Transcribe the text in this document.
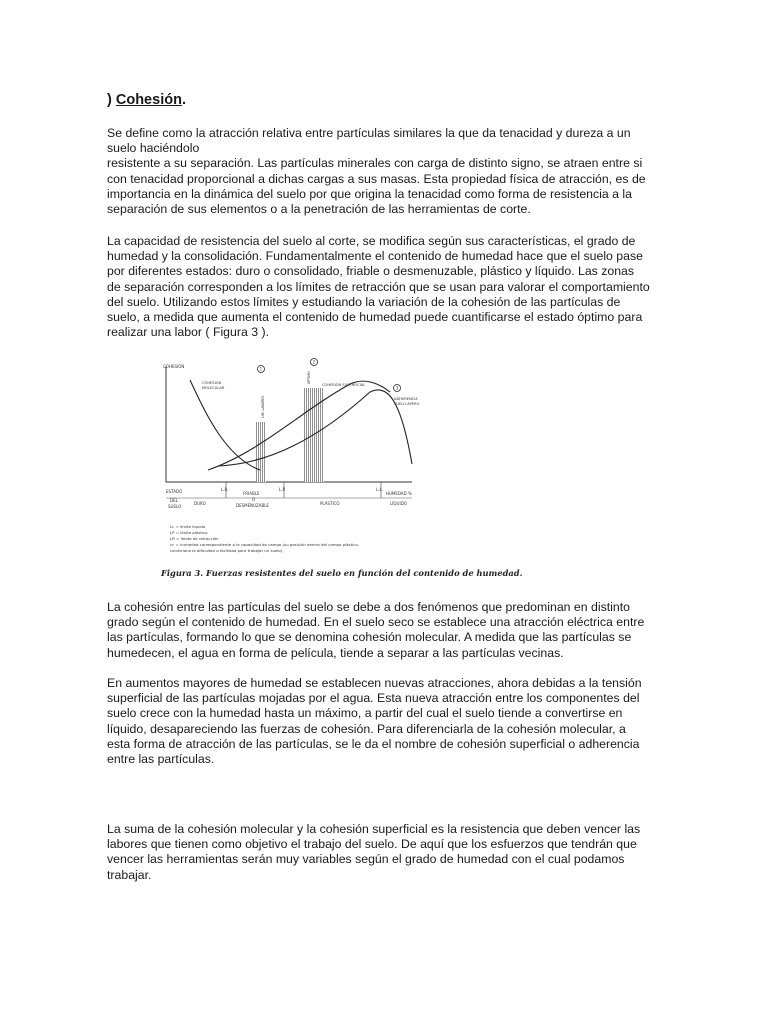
) Cohesión.

Se define como la atracción relativa entre partículas similares la que da tenacidad y dureza a un
suelo haciéndolo
resistente a su separación. Las partículas minerales con carga de distinto signo, se atraen entre si
con tenacidad proporcional a dichas cargas a sus masas. Esta propiedad física de atracción, es de
importancia en la dinámica del suelo por que origina la tenacidad como forma de resistencia a la
separación de sus elementos o a la penetración de las herramientas de corte.

La capacidad de resistencia del suelo al corte, se modifica según sus características, el grado de
humedad y la consolidación. Fundamentalmente el contenido de humedad hace que el suelo pase
por diferentes estados: duro o consolidado, friable o desmenuzable, plástico y líquido. Las zonas
de separación corresponden a los límites de retracción que se usan para valorar el comportamiento
del suelo. Utilizando estos límites y estudiando la variación de la cohesión de las partículas de
suelo, a medida que aumenta el contenido de humedad puede cuantificarse el estado óptimo para
realizar una labor ( Figura 3 ).

COHESIÓN
HUMEDAD %
COHESIÓN
MOLECULAR
COHESIÓN SUPERFICIAL
ADHERENCIA
SUELO-APERO
LIM. LABORES
ÓPTIMO
1
2
3
L.R.	L.P.	L.L.
ESTADO
DEL
SUELO
DURO
FRIABLE
O
DESMENUZABLE	PLÁSTICO	LÍQUIDO
LL = límite líquido
LP = límite plástico
LR = límite de retracción
cc = humedad correspondiente a la capacidad de campo (su posición dentro del campo plástico,
condiciona la dificultad o facilidad para trabajar un suelo).
Figura 3. Fuerzas resistentes del suelo en función del contenido de humedad.

La cohesión entre las partículas del suelo se debe a dos fenómenos que predominan en distinto
grado según el contenido de humedad. En el suelo seco se establece una atracción eléctrica entre
las partículas, formando lo que se denomina cohesión molecular. A medida que las partículas se
humedecen, el agua en forma de película, tiende a separar a las partículas vecinas.

En aumentos mayores de humedad se establecen nuevas atracciones, ahora debidas a la tensión
superficial de las partículas mojadas por el agua. Esta nueva atracción entre los componentes del
suelo crece con la humedad hasta un máximo, a partir del cual el suelo tiende a convertirse en
líquido, desapareciendo las fuerzas de cohesión. Para diferenciarla de la cohesión molecular, a
esta forma de atracción de las partículas, se le da el nombre de cohesión superficial o adherencia
entre las partículas.

La suma de la cohesión molecular y la cohesión superficial es la resistencia que deben vencer las
labores que tienen como objetivo el trabajo del suelo. De aquí que los esfuerzos que tendrán que
vencer las herramientas serán muy variables según el grado de humedad con el cual podamos
trabajar.
